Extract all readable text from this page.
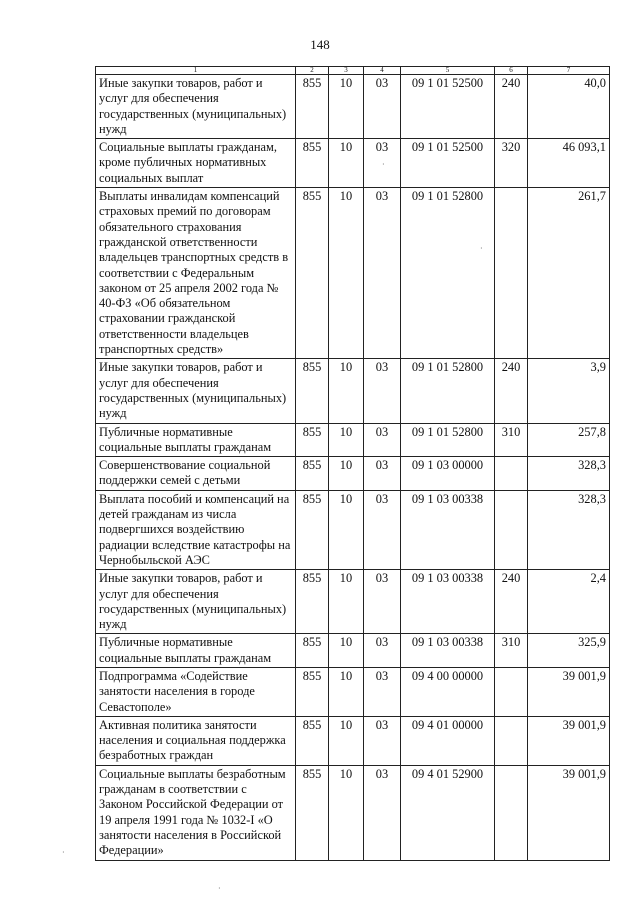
148
1	2	3	4	5	6	7
Иные закупки товаров, работ и услуг для обеспечения государственных (муниципальных) нужд	855	10	03	09 1 01 52500	240	40,0
Социальные выплаты гражданам, кроме публичных нормативных социальных выплат	855	10	03	09 1 01 52500	320	46 093,1
Выплаты инвалидам компенсаций страховых премий по договорам обязательного страхования гражданской ответственности владельцев транспортных средств в соответствии с Федеральным законом от 25 апреля 2002 года № 40-ФЗ «Об обязательном страховании гражданской ответственности владельцев транспортных средств»	855	10	03	09 1 01 52800		261,7
Иные закупки товаров, работ и услуг для обеспечения государственных (муниципальных) нужд	855	10	03	09 1 01 52800	240	3,9
Публичные нормативные социальные выплаты гражданам	855	10	03	09 1 01 52800	310	257,8
Совершенствование социальной поддержки семей с детьми	855	10	03	09 1 03 00000		328,3
Выплата пособий и компенсаций на детей гражданам из числа подвергшихся воздействию радиации вследствие катастрофы на Чернобыльской АЭС	855	10	03	09 1 03 00338		328,3
Иные закупки товаров, работ и услуг для обеспечения государственных (муниципальных) нужд	855	10	03	09 1 03 00338	240	2,4
Публичные нормативные социальные выплаты гражданам	855	10	03	09 1 03 00338	310	325,9
Подпрограмма «Содействие занятости населения в городе Севастополе»	855	10	03	09 4 00 00000		39 001,9
Активная политика занятости населения и социальная поддержка безработных граждан	855	10	03	09 4 01 00000		39 001,9
Социальные выплаты безработным гражданам в соответствии с Законом Российской Федерации от 19 апреля 1991 года № 1032-I «О занятости населения в Российской Федерации»	855	10	03	09 4 01 52900		39 001,9
·
·
·
·
